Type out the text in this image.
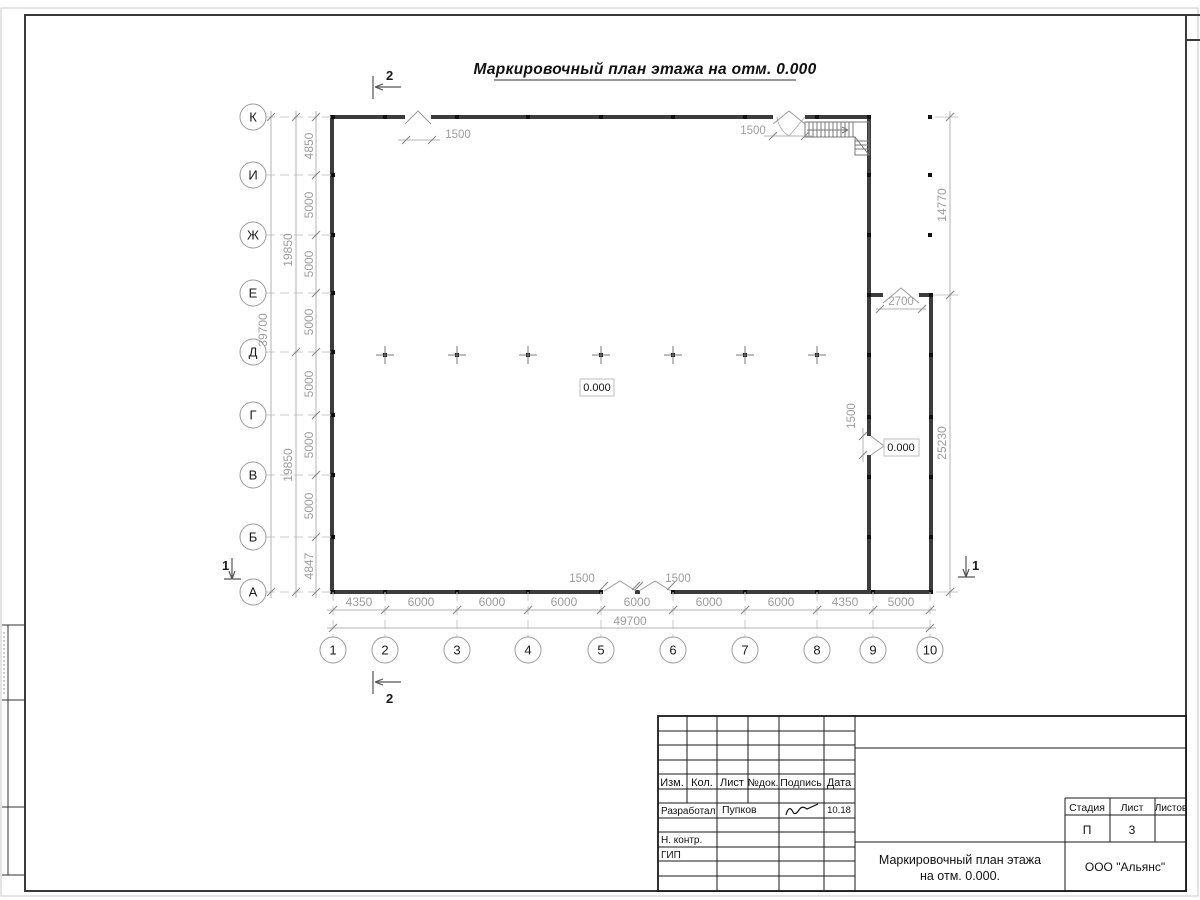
Маркировочный план этажа на отм. 0.000
4350	6000	6000	6000	6000	6000	6000	4350 5000
49700
4850
5000
5000
5000
5000
5000
5000
4847
19850
19850
39700
14770
25230
1500	1500
1500	1500
1500
2700
0.000
0.000
2
2
1	1
К
И
Ж
Е
Д
Г
В
Б
А
1	2	3	4	5	6	7	8	9	10
Изм. Кол. Лист №док. Подпись Дата
Разработал Пупков	10.18
Н. контр.
ГИП
Стадия Лист Листов
П	3
Маркировочный план этажа
на отм. 0.000.
ООО "Альянс"
